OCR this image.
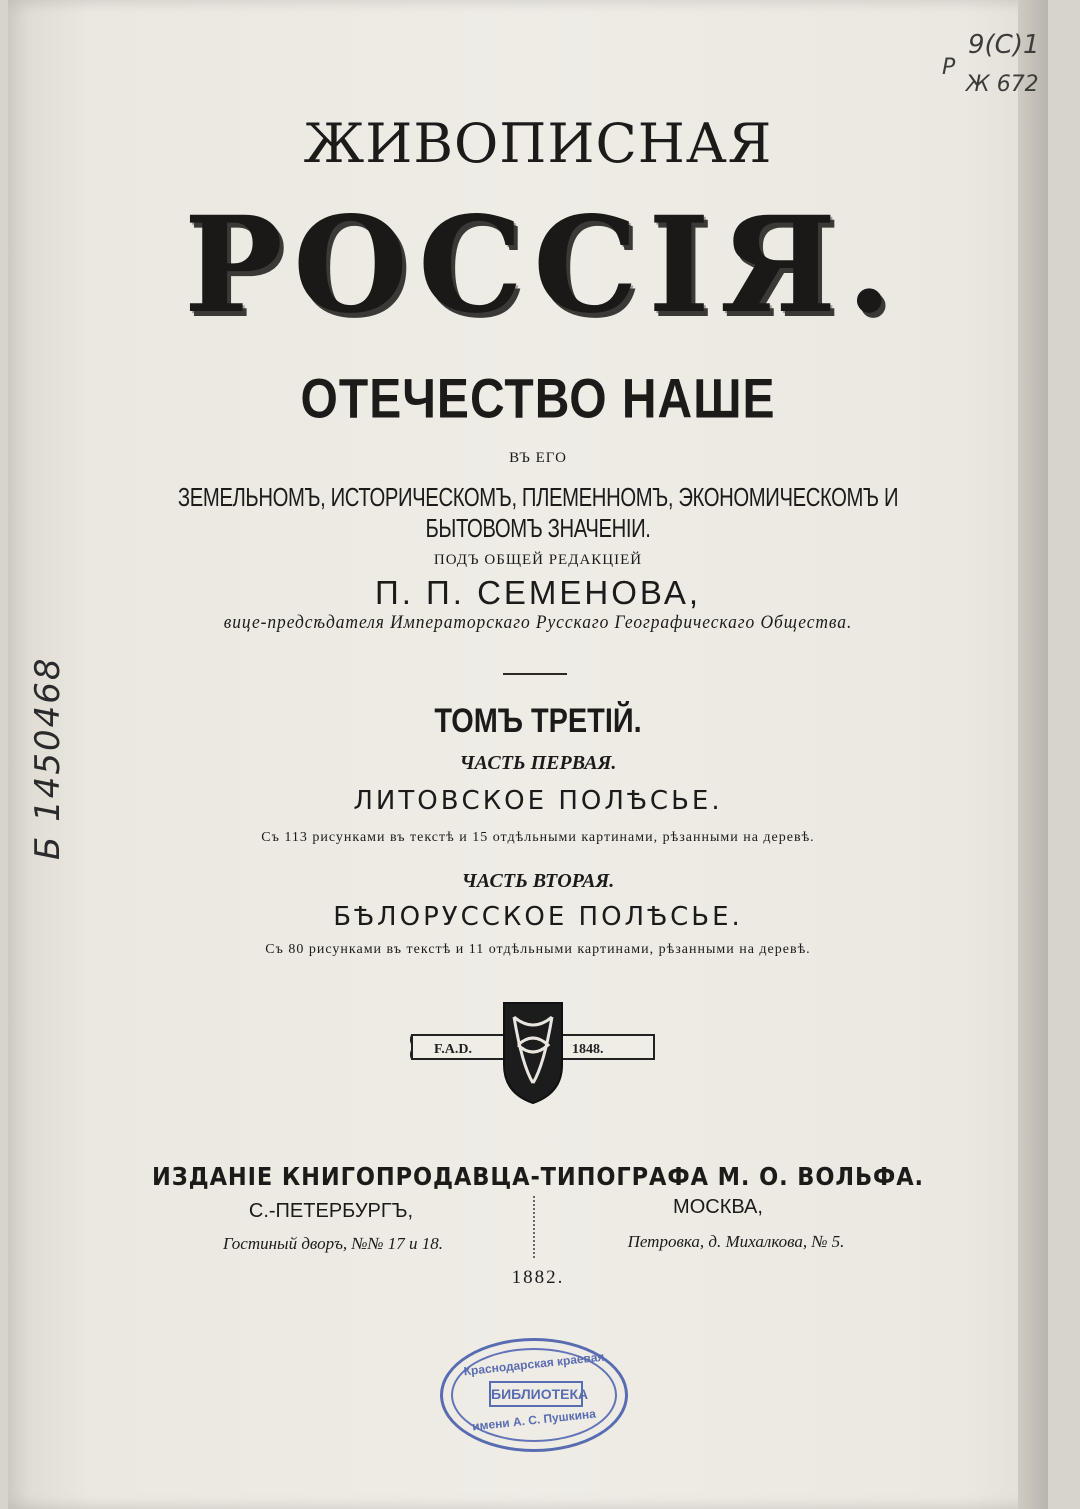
9(С)1
Р
Ж 672
Б 1450468
ЖИВОПИСНАЯ
РОССІЯ.
ОТЕЧЕСТВО НАШЕ
ВЪ ЕГО
ЗЕМЕЛЬНОМЪ, ИСТОРИЧЕСКОМЪ, ПЛЕМЕННОМЪ, ЭКОНОМИЧЕСКОМЪ И БЫТОВОМЪ ЗНАЧЕНІИ.
ПОДЪ ОБЩЕЙ РЕДАКЦІЕЙ
П. П. СЕМЕНОВА,
вице-предсѣдателя Императорскаго Русскаго Географическаго Общества.
ТОМЪ ТРЕТІЙ.
ЧАСТЬ ПЕРВАЯ.
ЛИТОВСКОЕ ПОЛѢСЬЕ.
Съ 113 рисунками въ текстѣ и 15 отдѣльными картинами, рѣзанными на деревѣ.
ЧАСТЬ ВТОРАЯ.
БѢЛОРУССКОЕ ПОЛѢСЬЕ.
Съ 80 рисунками въ текстѣ и 11 отдѣльными картинами, рѣзанными на деревѣ.
F.A.D.	1848.
ИЗДАНІЕ КНИГОПРОДАВЦА-ТИПОГРАФА М. О. ВОЛЬФА.
С.-ПЕТЕРБУРГЪ,
Гостиный дворъ, №№ 17 и 18.
МОСКВА,
Петровка, д. Михалкова, № 5.
1882.
Краснодарская краевая
БИБЛИОТЕКА
имени А. С. Пушкина
